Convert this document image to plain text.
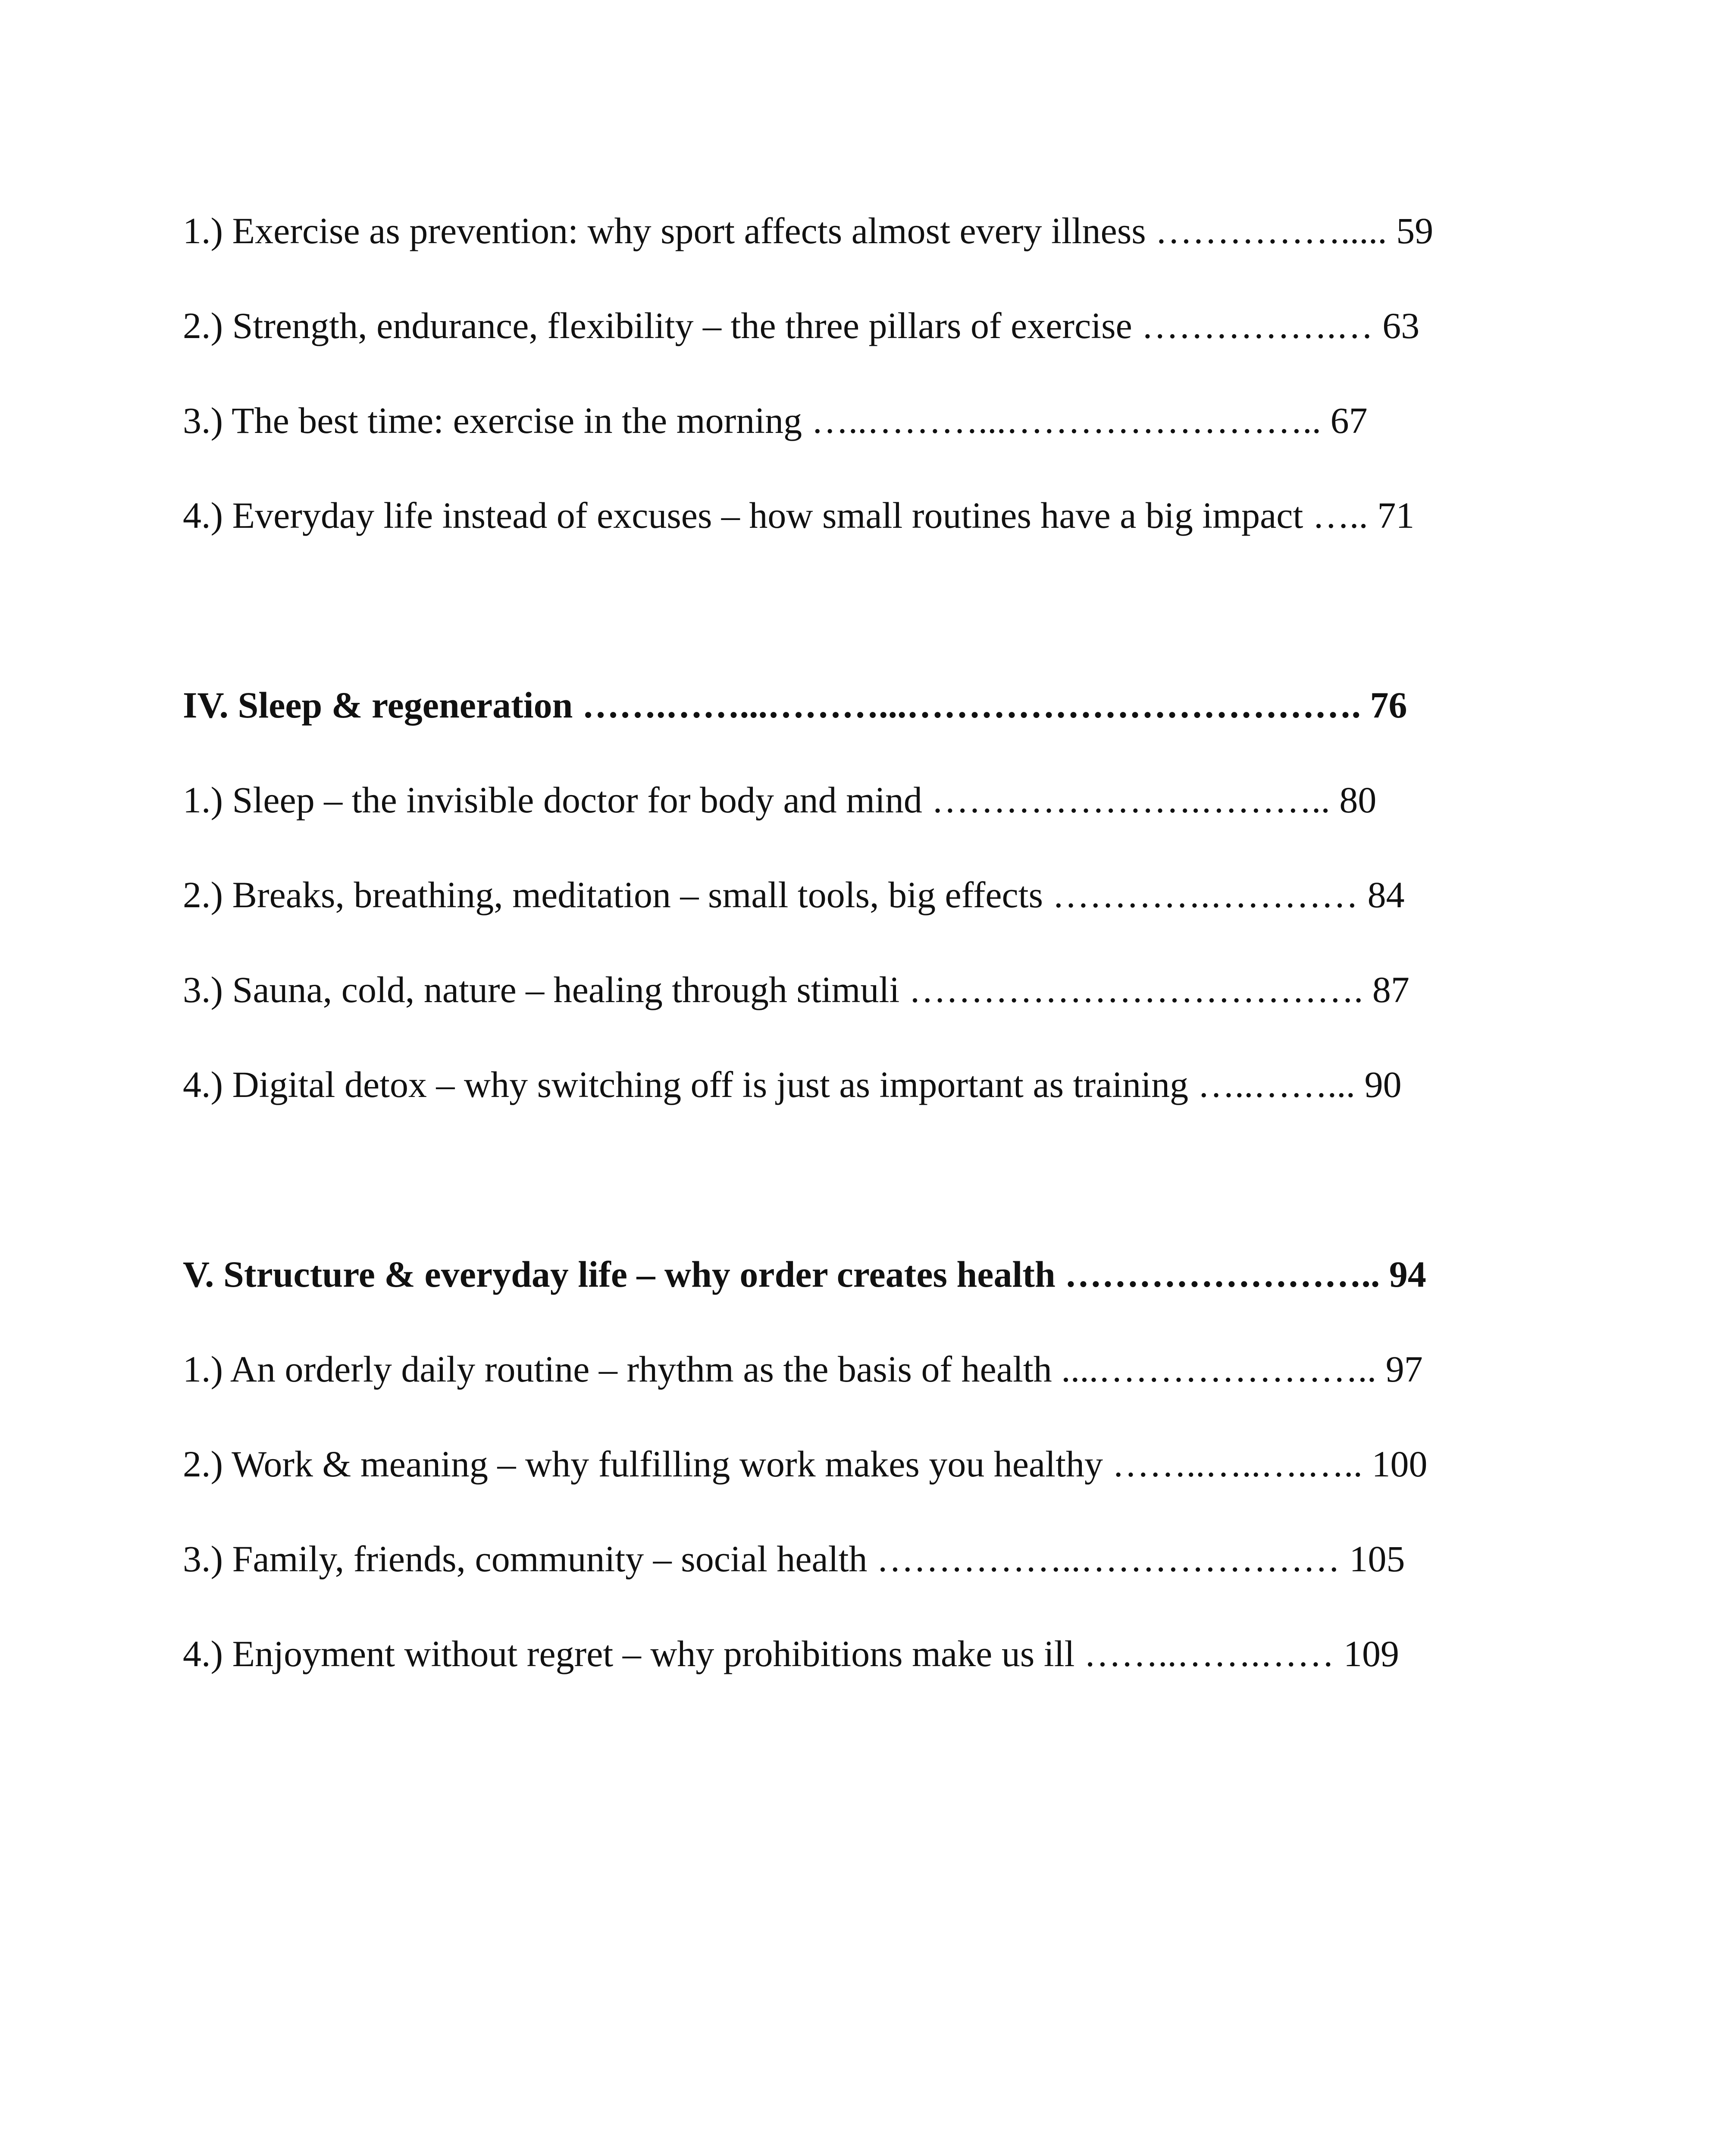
1.) Exercise as prevention: why sport affects almost every illness ……………..... 59
2.) Strength, endurance, flexibility – the three pillars of exercise …………….… 63
3.) The best time: exercise in the morning …..………...…………………….. 67
4.) Everyday life instead of excuses – how small routines have a big impact ….. 71
IV. Sleep & regeneration …….……...………...………………………………. 76
1.) Sleep – the invisible doctor for body and mind ………………….……….. 80
2.) Breaks, breathing, meditation – small tools, big effects ………….………… 84
3.) Sauna, cold, nature – healing through stimuli ………………………………. 87
4.) Digital detox – why switching off is just as important as training …..……... 90
V. Structure & everyday life – why order creates health …………………….. 94
1.) An orderly daily routine – rhythm as the basis of health ....………………….. 97
2.) Work & meaning – why fulfilling work makes you healthy ……..…..….….. 100
3.) Family, friends, community – social health ……………..………………… 105
4.) Enjoyment without regret – why prohibitions make us ill ……..…….…… 109
